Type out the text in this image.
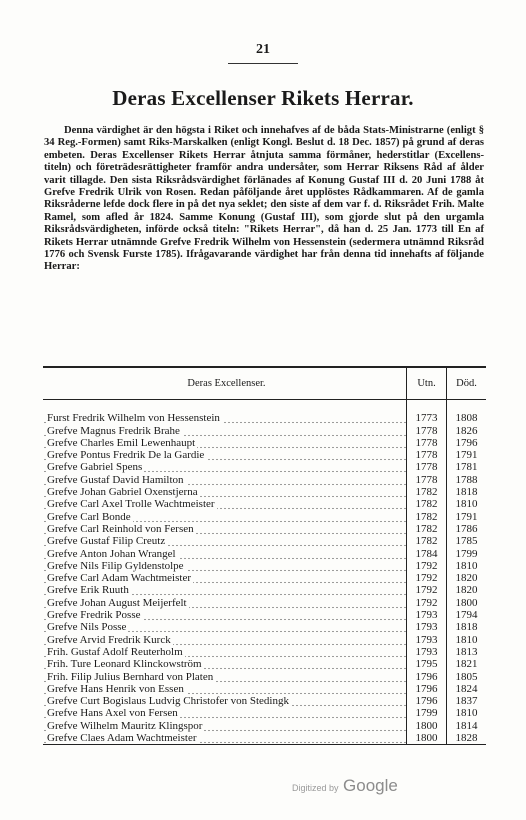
21
Deras Excellenser Rikets Herrar.

Denna värdighet är den högsta i Riket och innehafves af de båda Stats-Ministrarne (enligt § 34 Reg.-Formen) samt Riks-Marskalken (enligt Kongl. Beslut d. 18 Dec. 1857) på grund af deras embeten. Deras Excellenser Rikets Herrar åtnjuta samma förmåner, hederstitlar (Excellens-titeln) och företrädesrättigheter framför andra undersåter, som Herrar Riksens Råd af ålder varit tillagde. Den sista Riksrådsvärdighet förlänades af Konung Gustaf III d. 20 Juni 1788 åt Grefve Fredrik Ulrik von Rosen. Redan påföljande året upplöstes Rådkammaren. Af de gamla Riksråderne lefde dock flere in på det nya seklet; den siste af dem var f. d. Riksrådet Frih. Malte Ramel, som afled år 1824. Samme Konung (Gustaf III), som gjorde slut på den urgamla Riksrådsvärdigheten, införde också titeln: "Rikets Herrar", då han d. 25 Jan. 1773 till En af Rikets Herrar utnämnde Grefve Fredrik Wilhelm von Hessenstein (sedermera utnämnd Riksråd 1776 och Svensk Furste 1785). Ifrågavarande värdighet har från denna tid innehafts af följande Herrar:

Deras Excellenser.	Utn.	Död.

Furst Fredrik Wilhelm von Hessenstein	1773	1808
Grefve Magnus Fredrik Brahe	1778	1826
Grefve Charles Emil Lewenhaupt	1778	1796
Grefve Pontus Fredrik De la Gardie	1778	1791
Grefve Gabriel Spens	1778	1781
Grefve Gustaf David Hamilton	1778	1788
Grefve Johan Gabriel Oxenstjerna	1782	1818
Grefve Carl Axel Trolle Wachtmeister	1782	1810
Grefve Carl Bonde	1782	1791
Grefve Carl Reinhold von Fersen	1782	1786
Grefve Gustaf Filip Creutz	1782	1785
Grefve Anton Johan Wrangel	1784	1799
Grefve Nils Filip Gyldenstolpe	1792	1810
Grefve Carl Adam Wachtmeister	1792	1820
Grefve Erik Ruuth	1792	1820
Grefve Johan August Meijerfelt	1792	1800
Grefve Fredrik Posse	1793	1794
Grefve Nils Posse	1793	1818
Grefve Arvid Fredrik Kurck	1793	1810
Frih. Gustaf Adolf Reuterholm	1793	1813
Frih. Ture Leonard Klinckowström	1795	1821
Frih. Filip Julius Bernhard von Platen	1796	1805
Grefve Hans Henrik von Essen	1796	1824
Grefve Curt Bogislaus Ludvig Christofer von Stedingk	1796	1837
Grefve Hans Axel von Fersen	1799	1810
Grefve Wilhelm Mauritz Klingspor	1800	1814
Grefve Claes Adam Wachtmeister	1800	1828
Digitized by Google
